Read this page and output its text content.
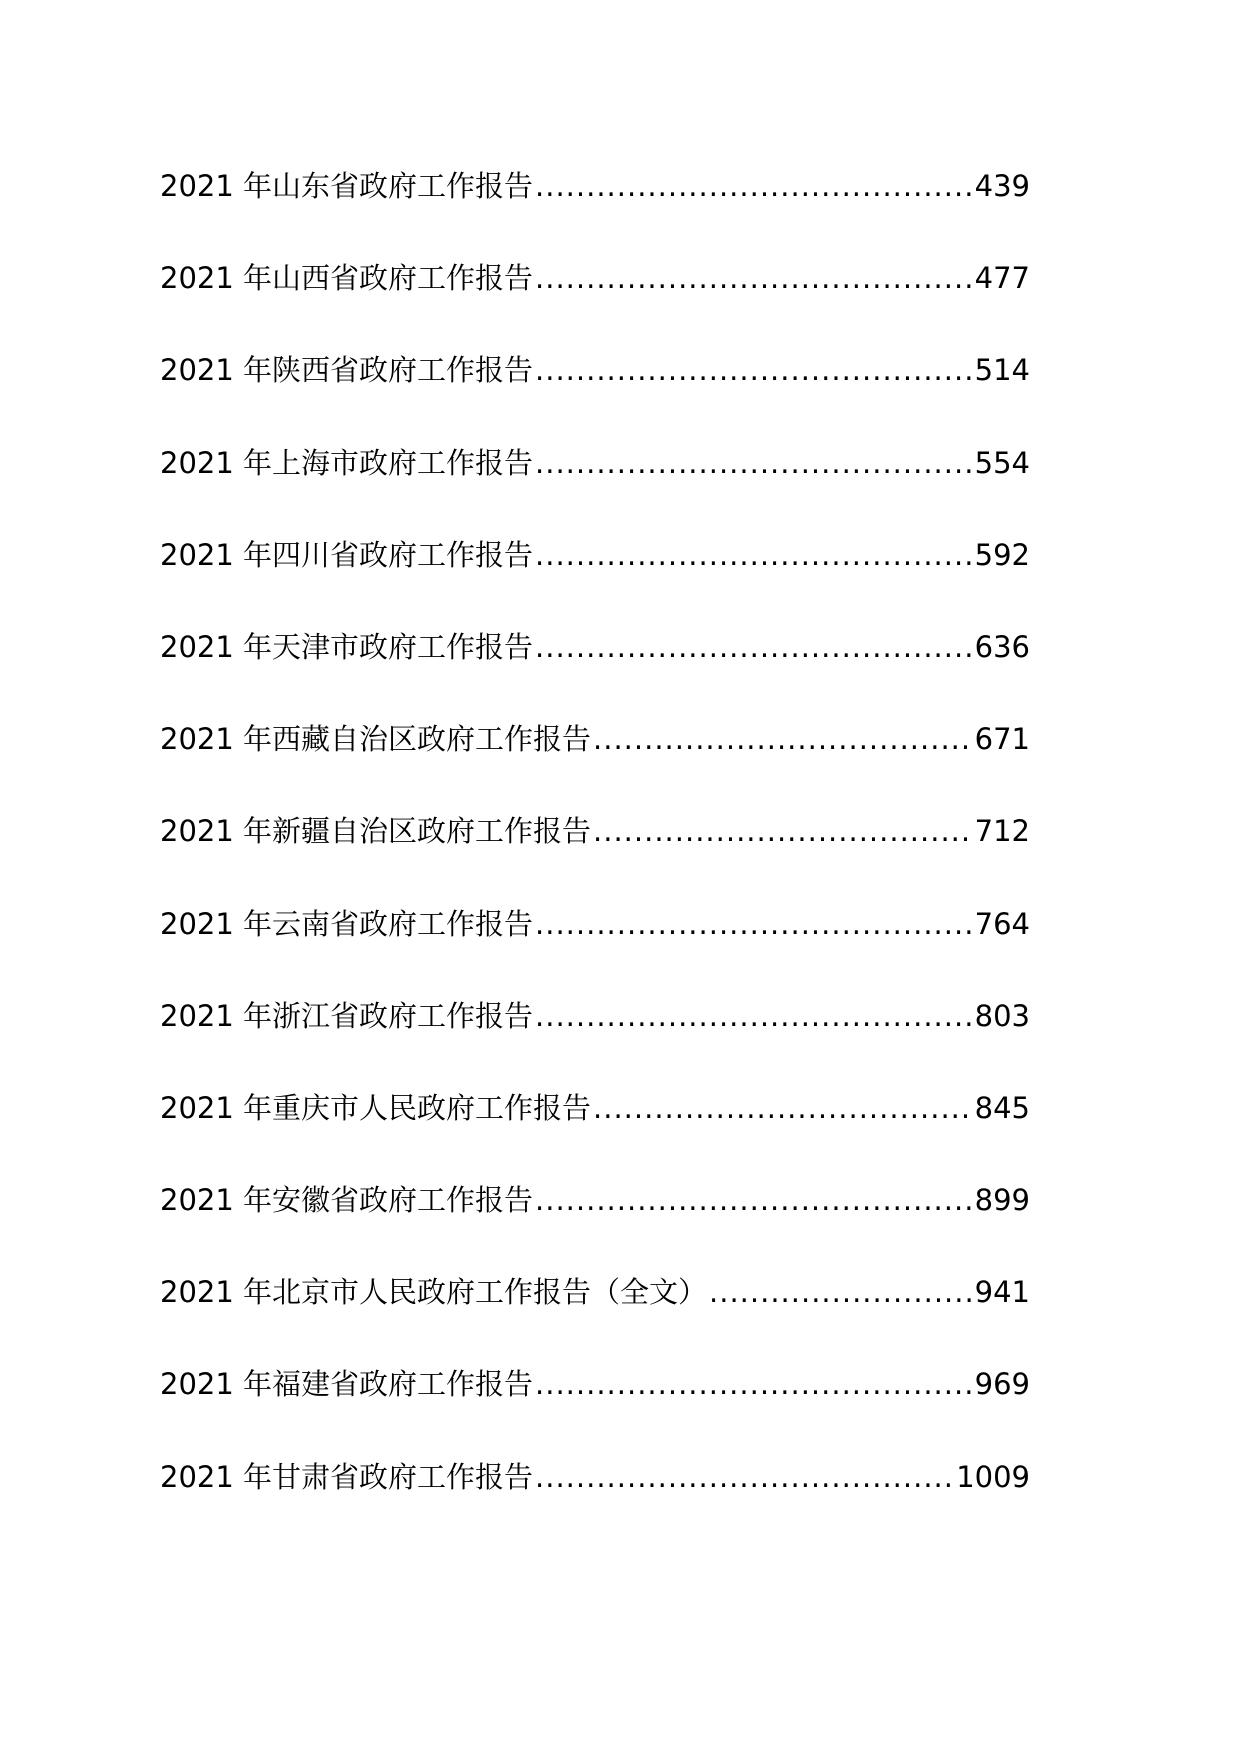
2021 年山东省政府工作报告 .....	439
2021 年山西省政府工作报告 .....	477
2021 年陕西省政府工作报告 .....	514
2021 年上海市政府工作报告 .....	554
2021 年四川省政府工作报告 .....	592
2021 年天津市政府工作报告 .....	636
2021 年西藏自治区政府工作报告 .....	671
2021 年新疆自治区政府工作报告 .....	712
2021 年云南省政府工作报告 .....	764
2021 年浙江省政府工作报告 .....	803
2021 年重庆市人民政府工作报告 .....	845
2021 年安徽省政府工作报告 .....	899
2021 年北京市人民政府工作报告（全文） .....	941
2021 年福建省政府工作报告 .....	969
2021 年甘肃省政府工作报告 .....	1009
